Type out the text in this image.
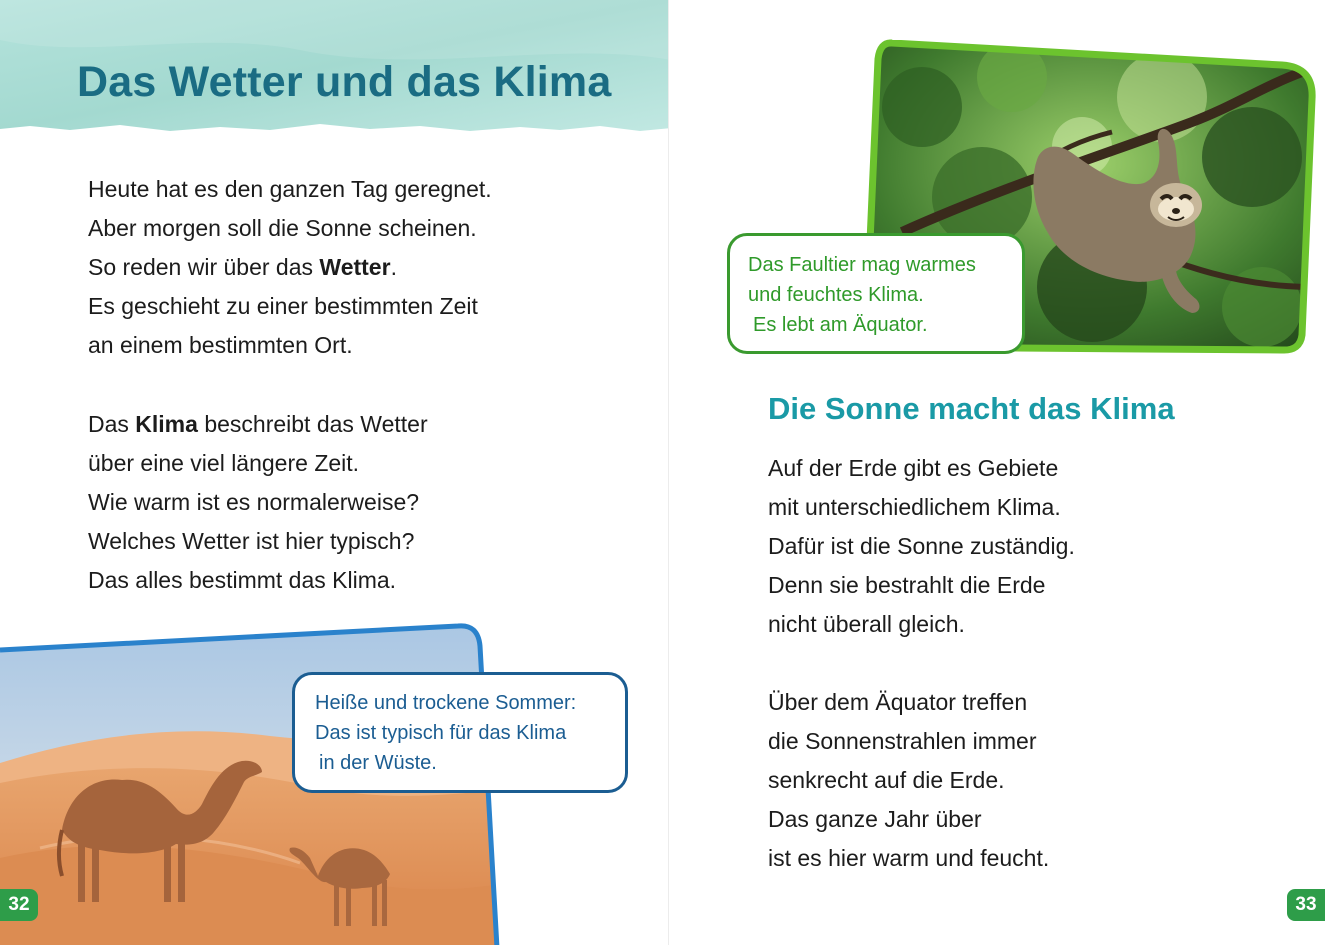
Das Wetter und das Klima

Heute hat es den ganzen Tag geregnet.
Aber morgen soll die Sonne scheinen.
So reden wir über das Wetter.
Es geschieht zu einer bestimmten Zeit
an einem bestimmten Ort.

Das Klima beschreibt das Wetter
über eine viel längere Zeit.
Wie warm ist es normalerweise?
Welches Wetter ist hier typisch?
Das alles bestimmt das Klima.

Heiße und trockene Sommer:
Das ist typisch für das Klima
in der Wüste.
32
Das Faultier mag warmes
und feuchtes Klima.
Es lebt am Äquator.
Die Sonne macht das Klima

Auf der Erde gibt es Gebiete
mit unterschiedlichem Klima.
Dafür ist die Sonne zuständig.
Denn sie bestrahlt die Erde
nicht überall gleich.

Über dem Äquator treffen
die Sonnenstrahlen immer
senkrecht auf die Erde.
Das ganze Jahr über
ist es hier warm und feucht.

33
